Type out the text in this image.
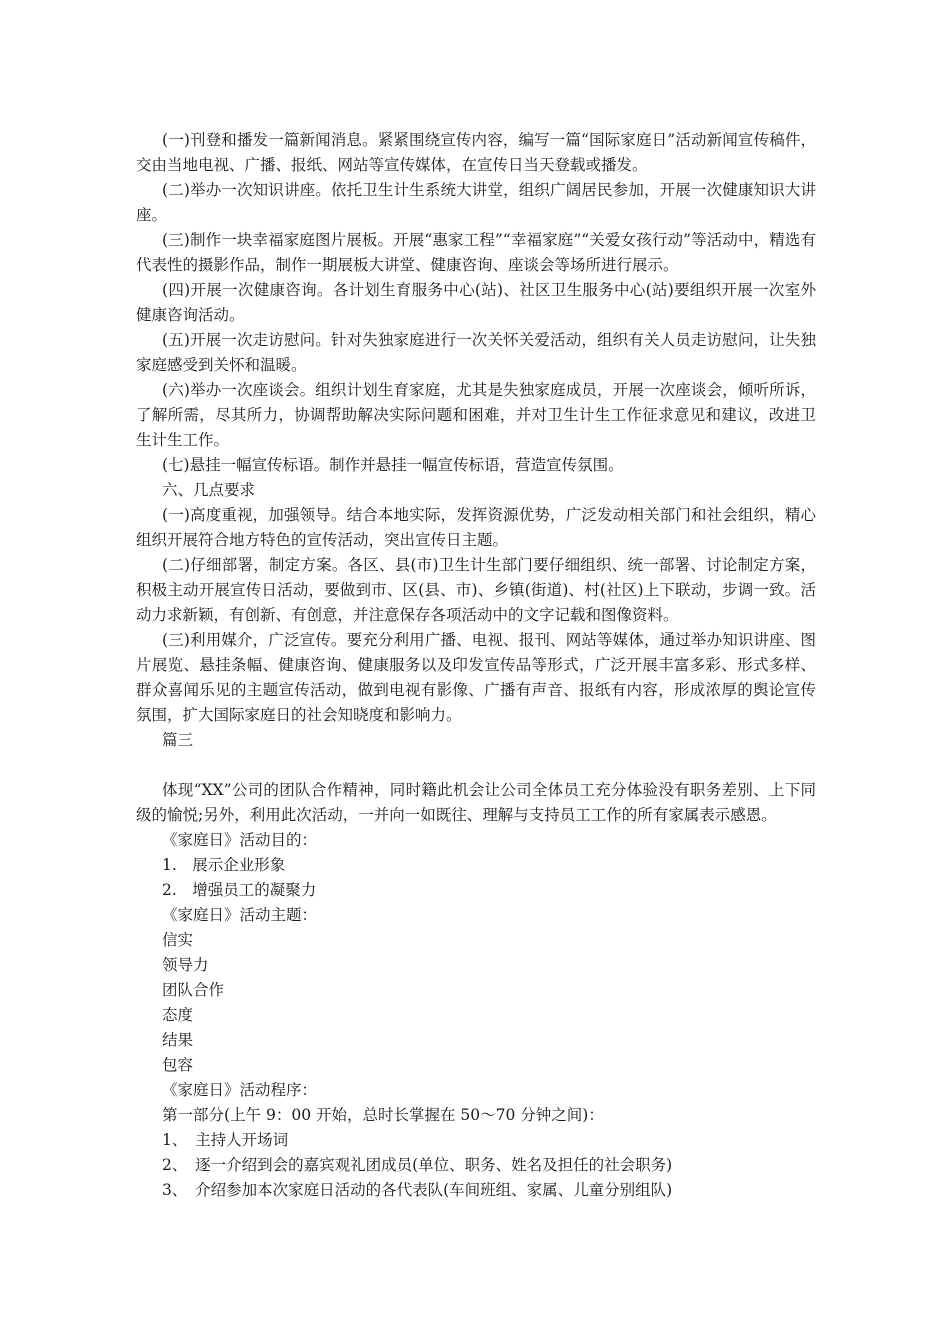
(一)刊登和播发一篇新闻消息。紧紧围绕宣传内容，编写一篇“国际家庭日”活动新闻宣传稿件，交由当地电视、广播、报纸、网站等宣传媒体，在宣传日当天登载或播发。

(二)举办一次知识讲座。依托卫生计生系统大讲堂，组织广阔居民参加，开展一次健康知识大讲座。

(三)制作一块幸福家庭图片展板。开展“惠家工程”“幸福家庭”“关爱女孩行动”等活动中，精选有代表性的摄影作品，制作一期展板大讲堂、健康咨询、座谈会等场所进行展示。

(四)开展一次健康咨询。各计划生育服务中心(站)、社区卫生服务中心(站)要组织开展一次室外健康咨询活动。

(五)开展一次走访慰问。针对失独家庭进行一次关怀关爱活动，组织有关人员走访慰问，让失独家庭感受到关怀和温暖。

(六)举办一次座谈会。组织计划生育家庭，尤其是失独家庭成员，开展一次座谈会，倾听所诉，了解所需，尽其所力，协调帮助解决实际问题和困难，并对卫生计生工作征求意见和建议，改进卫生计生工作。

(七)悬挂一幅宣传标语。制作并悬挂一幅宣传标语，营造宣传氛围。

六、几点要求

(一)高度重视，加强领导。结合本地实际，发挥资源优势，广泛发动相关部门和社会组织，精心组织开展符合地方特色的宣传活动，突出宣传日主题。

(二)仔细部署，制定方案。各区、县(市)卫生计生部门要仔细组织、统一部署、讨论制定方案，积极主动开展宣传日活动，要做到市、区(县、市)、乡镇(街道)、村(社区)上下联动，步调一致。活动力求新颖，有创新、有创意，并注意保存各项活动中的文字记载和图像资料。

(三)利用媒介，广泛宣传。要充分利用广播、电视、报刊、网站等媒体，通过举办知识讲座、图片展览、悬挂条幅、健康咨询、健康服务以及印发宣传品等形式，广泛开展丰富多彩、形式多样、群众喜闻乐见的主题宣传活动，做到电视有影像、广播有声音、报纸有内容，形成浓厚的舆论宣传氛围，扩大国际家庭日的社会知晓度和影响力。

篇三

体现“XX”公司的团队合作精神，同时籍此机会让公司全体员工充分体验没有职务差别、上下同级的愉悦;另外，利用此次活动，一并向一如既往、理解与支持员工工作的所有家属表示感恩。

《家庭日》活动目的：

1.　展示企业形象

2.　增强员工的凝聚力

《家庭日》活动主题：

信实

领导力

团队合作

态度

结果

包容

《家庭日》活动程序：

第一部分(上午 9：00 开始，总时长掌握在 50～70 分钟之间)：

1、　主持人开场词

2、　逐一介绍到会的嘉宾观礼团成员(单位、职务、姓名及担任的社会职务)

3、　介绍参加本次家庭日活动的各代表队(车间班组、家属、儿童分别组队)
